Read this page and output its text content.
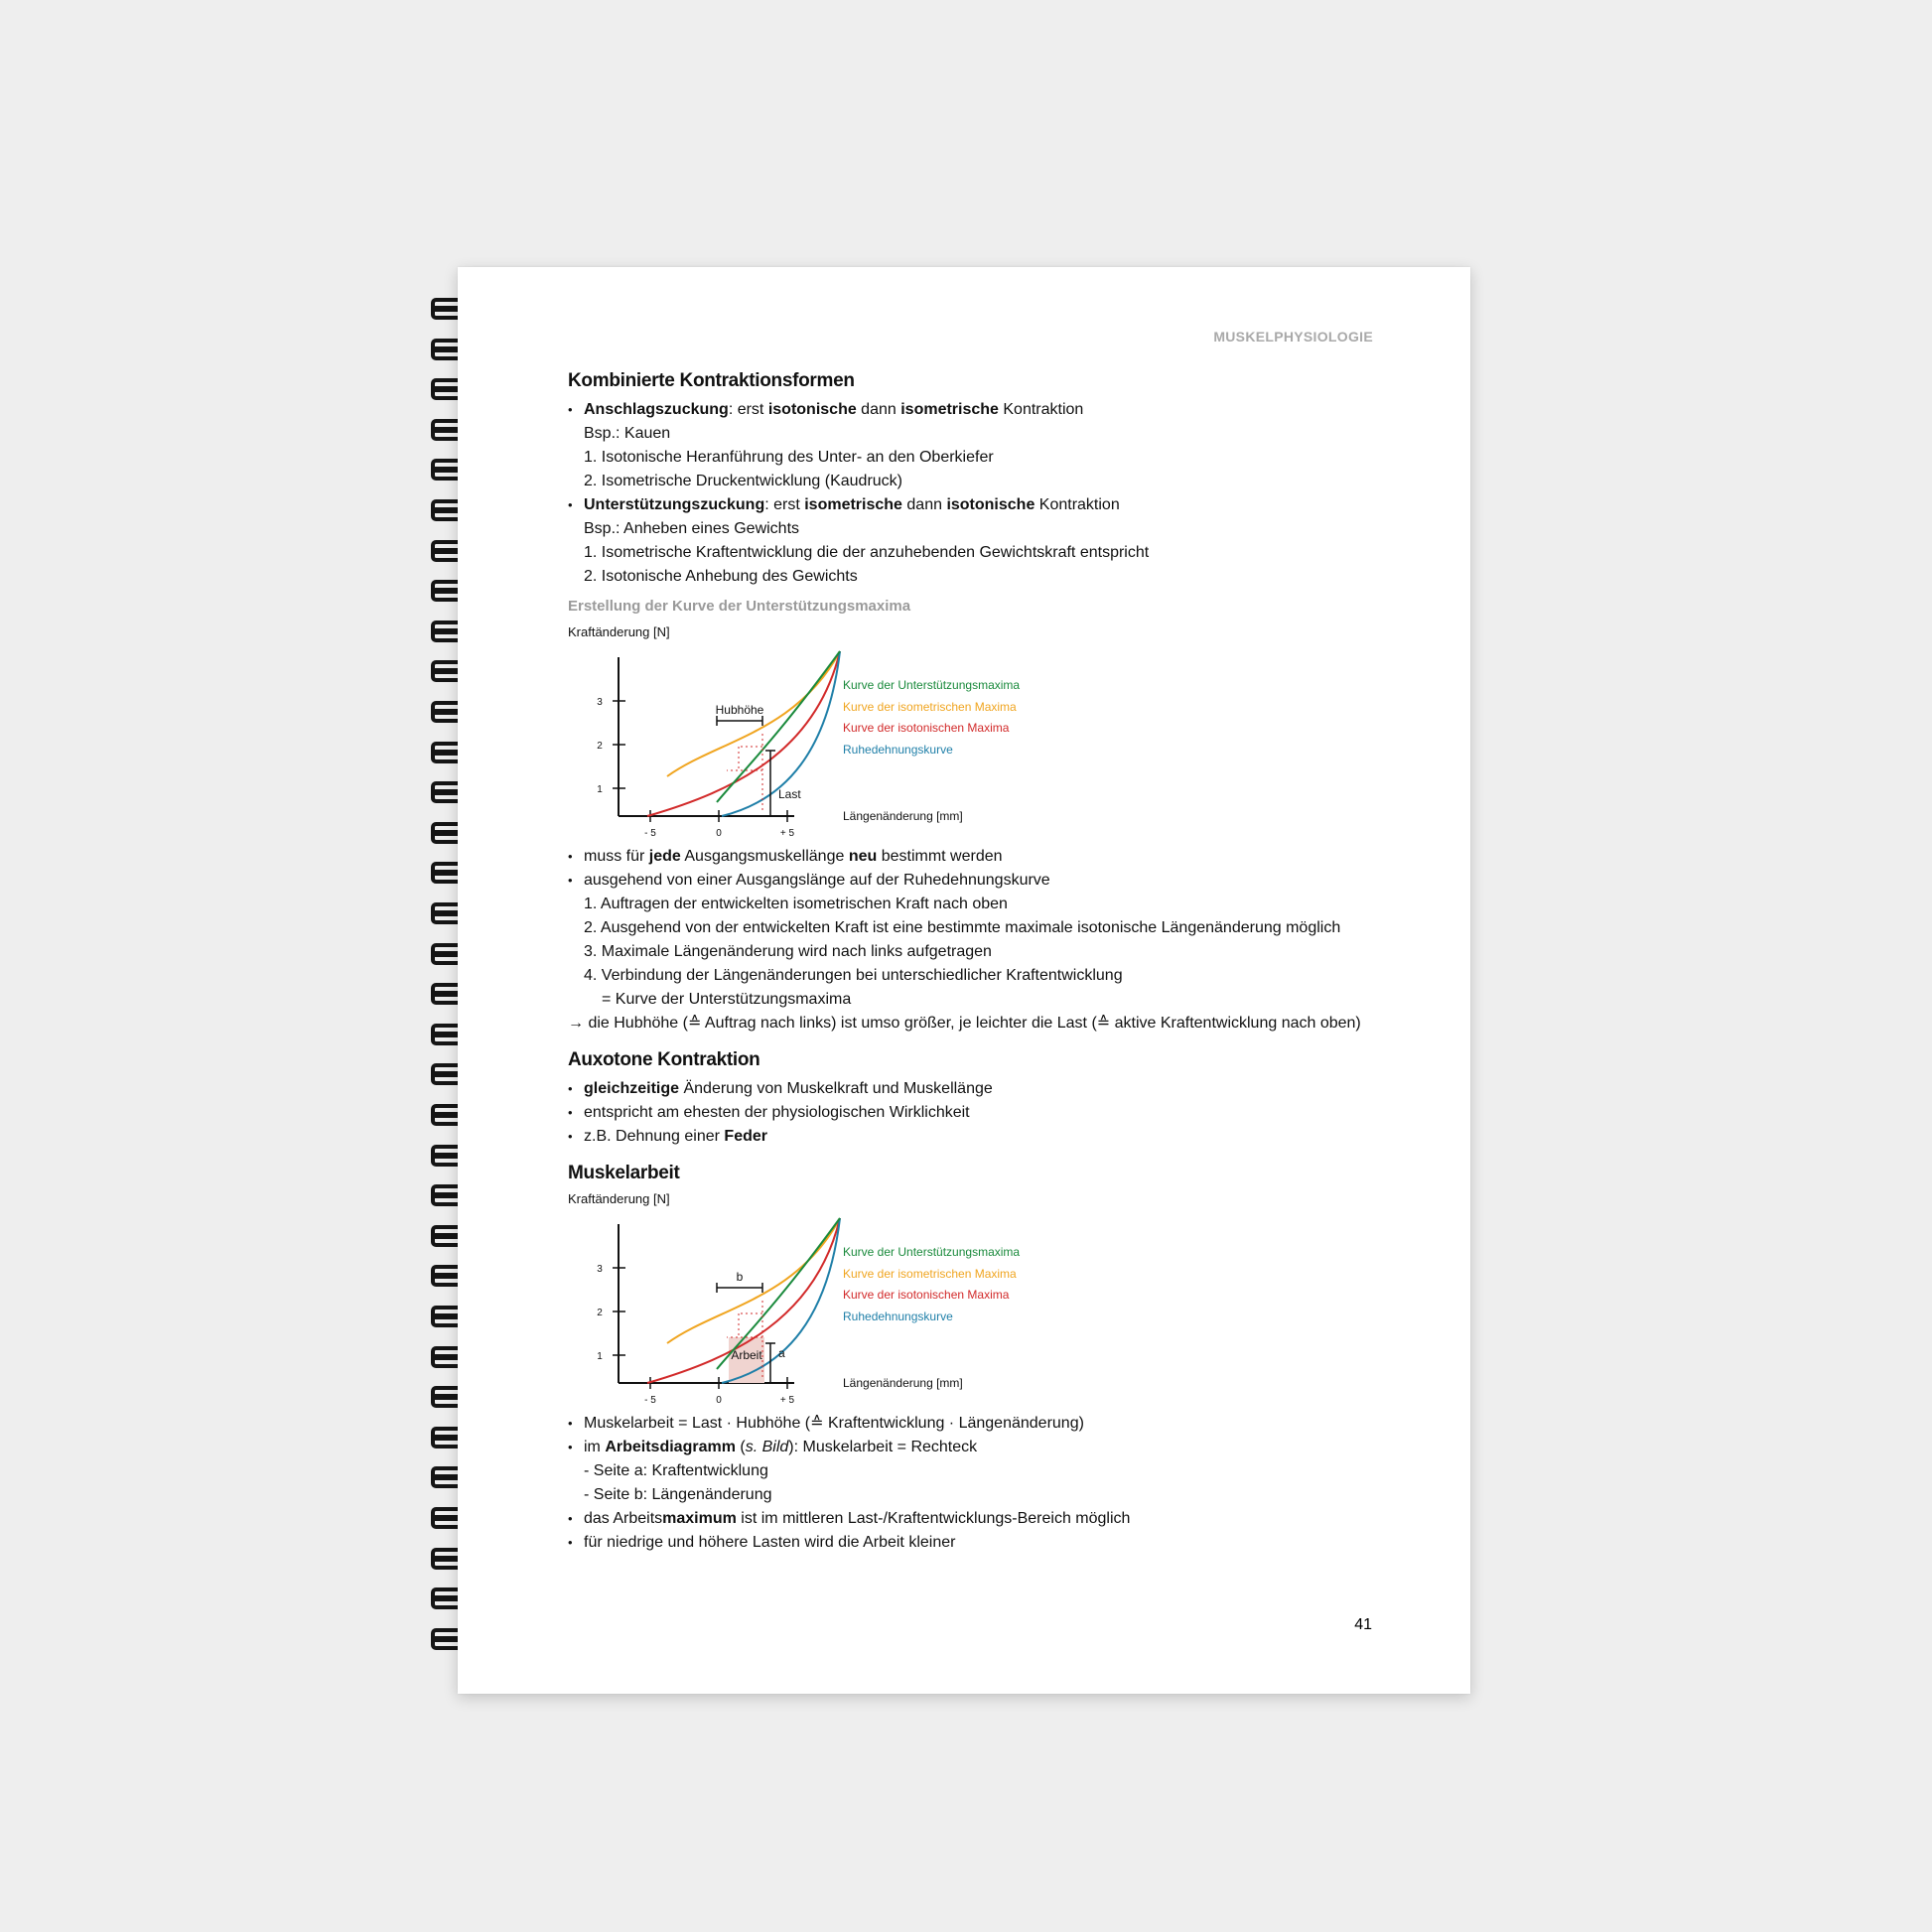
MUSKELPHYSIOLOGIE
Kombinierte Kontraktionsformen
• Anschlagszuckung: erst isotonische dann isometrische Kontraktion
Bsp.: Kauen
1. Isotonische Heranführung des Unter- an den Oberkiefer
2. Isometrische Druckentwicklung (Kaudruck)
• Unterstützungszuckung: erst isometrische dann isotonische Kontraktion
Bsp.: Anheben eines Gewichts
1. Isometrische Kraftentwicklung die der anzuhebenden Gewichtskraft entspricht
2. Isotonische Anhebung des Gewichts
Erstellung der Kurve der Unterstützungsmaxima
Kraftänderung [N]
1
2
3
- 5	0	+ 5
Hubhöhe
Last
Kurve der Unterstützungsmaxima
Kurve der isometrischen Maxima
Kurve der isotonischen Maxima
Ruhedehnungskurve
Längenänderung [mm]
• muss für jede Ausgangsmuskellänge neu bestimmt werden
• ausgehend von einer Ausgangslänge auf der Ruhedehnungskurve
1. Auftragen der entwickelten isometrischen Kraft nach oben
2. Ausgehend von der entwickelten Kraft ist eine bestimmte maximale isotonische Längenänderung möglich
3. Maximale Längenänderung wird nach links aufgetragen
4. Verbindung der Längenänderungen bei unterschiedlicher Kraftentwicklung
= Kurve der Unterstützungsmaxima
→ die Hubhöhe (≙ Auftrag nach links) ist umso größer, je leichter die Last (≙ aktive Kraftentwicklung nach oben)
Auxotone Kontraktion
• gleichzeitige Änderung von Muskelkraft und Muskellänge
• entspricht am ehesten der physiologischen Wirklichkeit
• z.B. Dehnung einer Feder
Muskelarbeit
Kraftänderung [N]
1
2
3
- 5	0	+ 5
Arbeit
b
a
Kurve der Unterstützungsmaxima
Kurve der isometrischen Maxima
Kurve der isotonischen Maxima
Ruhedehnungskurve
Längenänderung [mm]
• Muskelarbeit = Last · Hubhöhe (≙ Kraftentwicklung · Längenänderung)
• im Arbeitsdiagramm (s. Bild): Muskelarbeit = Rechteck
- Seite a: Kraftentwicklung
- Seite b: Längenänderung
• das Arbeitsmaximum ist im mittleren Last-/Kraftentwicklungs-Bereich möglich
• für niedrige und höhere Lasten wird die Arbeit kleiner
41
